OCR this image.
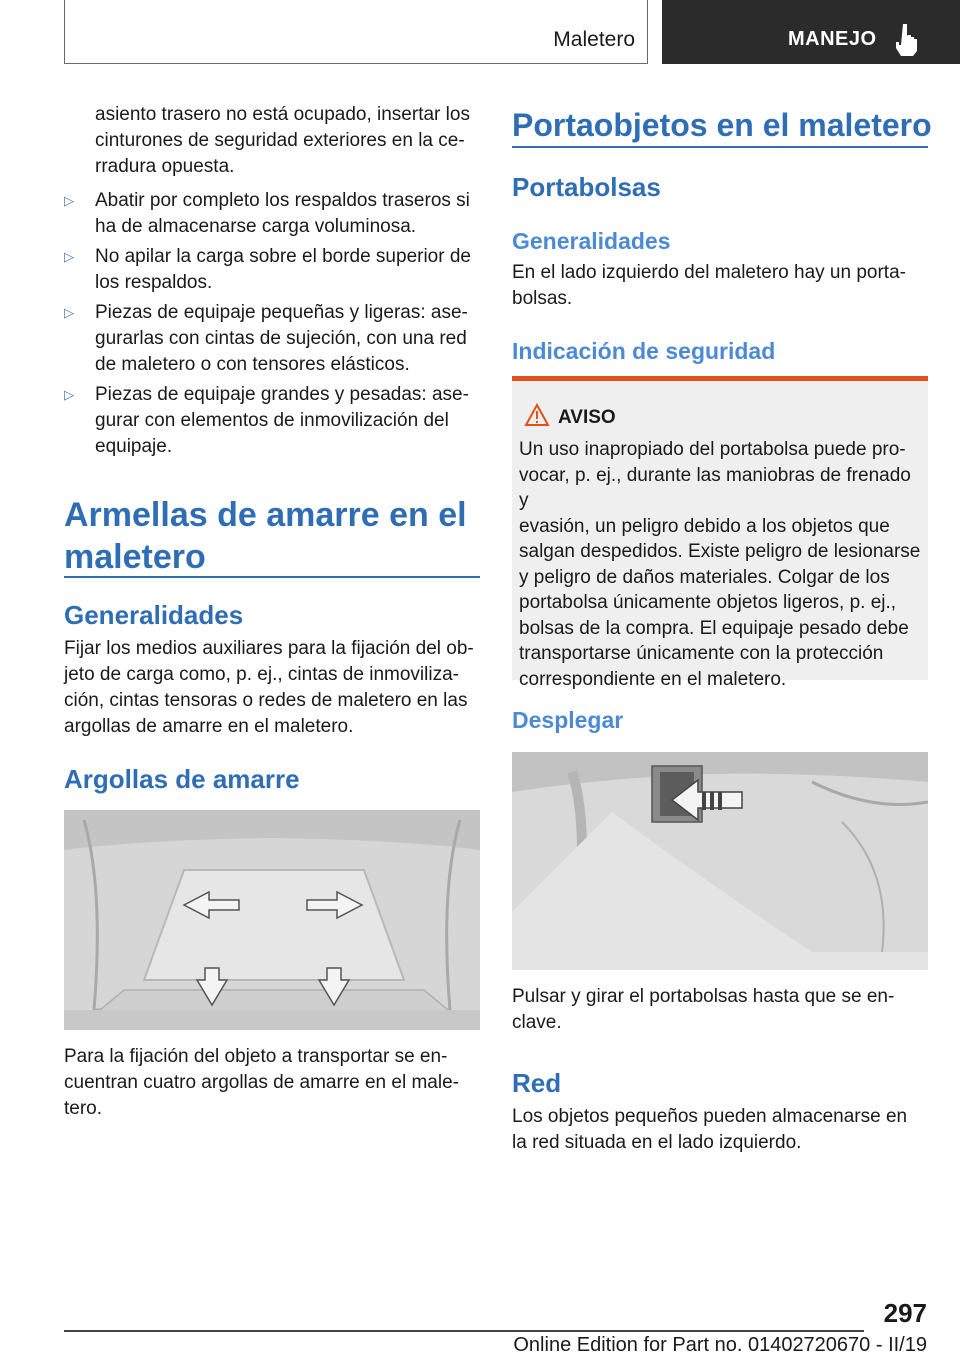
Maletero	MANEJO
asiento trasero no está ocupado, insertar los
cinturones de seguridad exteriores en la ce-
rradura opuesta.
▷ Abatir por completo los respaldos traseros si
ha de almacenarse carga voluminosa.
▷ No apilar la carga sobre el borde superior de
los respaldos.
▷ Piezas de equipaje pequeñas y ligeras: ase-
gurarlas con cintas de sujeción, con una red
de maletero o con tensores elásticos.
▷ Piezas de equipaje grandes y pesadas: ase-
gurar con elementos de inmovilización del
equipaje.
Armellas de amarre en el
maletero
Generalidades
Fijar los medios auxiliares para la fijación del ob-
jeto de carga como, p. ej., cintas de inmoviliza-
ción, cintas tensoras o redes de maletero en las
argollas de amarre en el maletero.
Argollas de amarre
Para la fijación del objeto a transportar se en-
cuentran cuatro argollas de amarre en el male-
tero.
Portaobjetos en el maletero
Portabolsas
Generalidades
En el lado izquierdo del maletero hay un porta-
bolsas.
Indicación de seguridad
AVISO
Un uso inapropiado del portabolsa puede pro-
vocar, p. ej., durante las maniobras de frenado y
evasión, un peligro debido a los objetos que
salgan despedidos. Existe peligro de lesionarse
y peligro de daños materiales. Colgar de los
portabolsa únicamente objetos ligeros, p. ej.,
bolsas de la compra. El equipaje pesado debe
transportarse únicamente con la protección
correspondiente en el maletero.
Desplegar
Pulsar y girar el portabolsas hasta que se en-
clave.
Red
Los objetos pequeños pueden almacenarse en
la red situada en el lado izquierdo.
297
Online Edition for Part no. 01402720670 - II/19
